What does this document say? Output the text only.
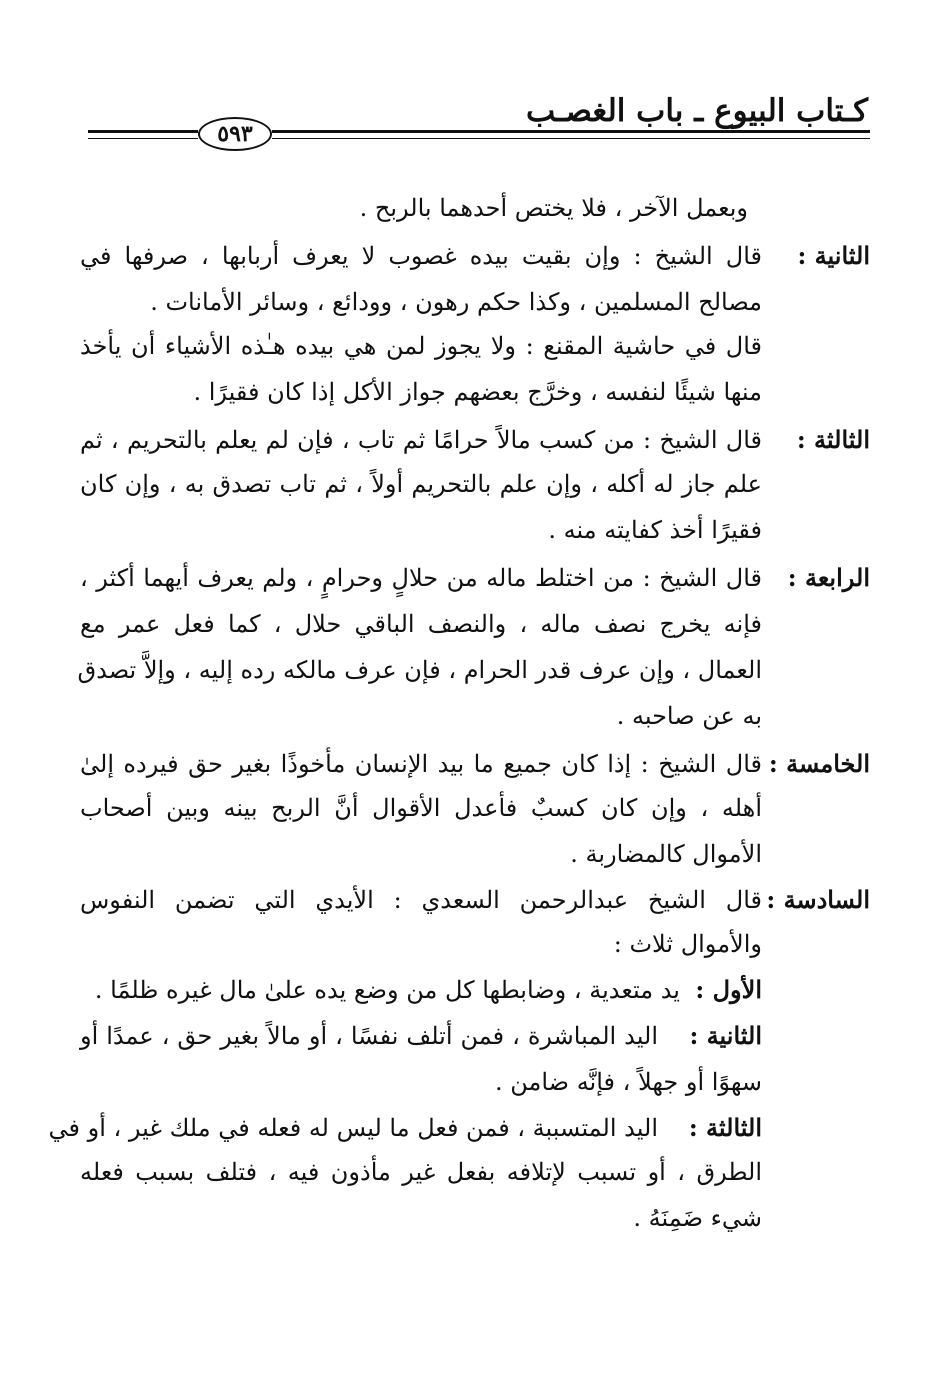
كـتاب البيوع ـ باب الغصـب
٥٩٣
وبعمل الآخر ، فلا يختص أحدهما بالربح .
الثانية :
قال الشيخ : وإن بقيت بيده غصوب لا يعرف أربابها ، صرفها في
مصالح المسلمين ، وكذا حكم رهون ، وودائع ، وسائر الأمانات .
قال في حاشية المقنع : ولا يجوز لمن هي بيده هـٰذه الأشياء أن يأخذ
منها شيئًا لنفسه ، وخرَّج بعضهم جواز الأكل إذا كان فقيرًا .
الثالثة :
قال الشيخ : من كسب مالاً حرامًا ثم تاب ، فإن لم يعلم بالتحريم ، ثم
علم جاز له أكله ، وإن علم بالتحريم أولاً ، ثم تاب تصدق به ، وإن كان
فقيرًا أخذ كفايته منه .
الرابعة :
قال الشيخ : من اختلط ماله من حلالٍ وحرامٍ ، ولم يعرف أيهما أكثر ،
فإنه يخرج نصف ماله ، والنصف الباقي حلال ، كما فعل عمر مع
العمال ، وإن عرف قدر الحرام ، فإن عرف مالكه رده إليه ، وإلاَّ تصدق
به عن صاحبه .
الخامسة :
قال الشيخ : إذا كان جميع ما بيد الإنسان مأخوذًا بغير حق فيرده إلىٰ
أهله ، وإن كان كسبٌ فأعدل الأقوال أنَّ الربح بينه وبين أصحاب
الأموال كالمضاربة .
السادسة :
قال الشيخ عبدالرحمن السعدي : الأيدي التي تضمن النفوس
والأموال ثلاث :
الأول :
يد متعدية ، وضابطها كل من وضع يده علىٰ مال غيره ظلمًا .
الثانية :
اليد المباشرة ، فمن أتلف نفسًا ، أو مالاً بغير حق ، عمدًا أو
سهوًا أو جهلاً ، فإنَّه ضامن .
الثالثة :
اليد المتسببة ، فمن فعل ما ليس له فعله في ملك غير ، أو في
الطرق ، أو تسبب لإتلافه بفعل غير مأذون فيه ، فتلف بسبب فعله
شيء ضَمِنَهُ .
